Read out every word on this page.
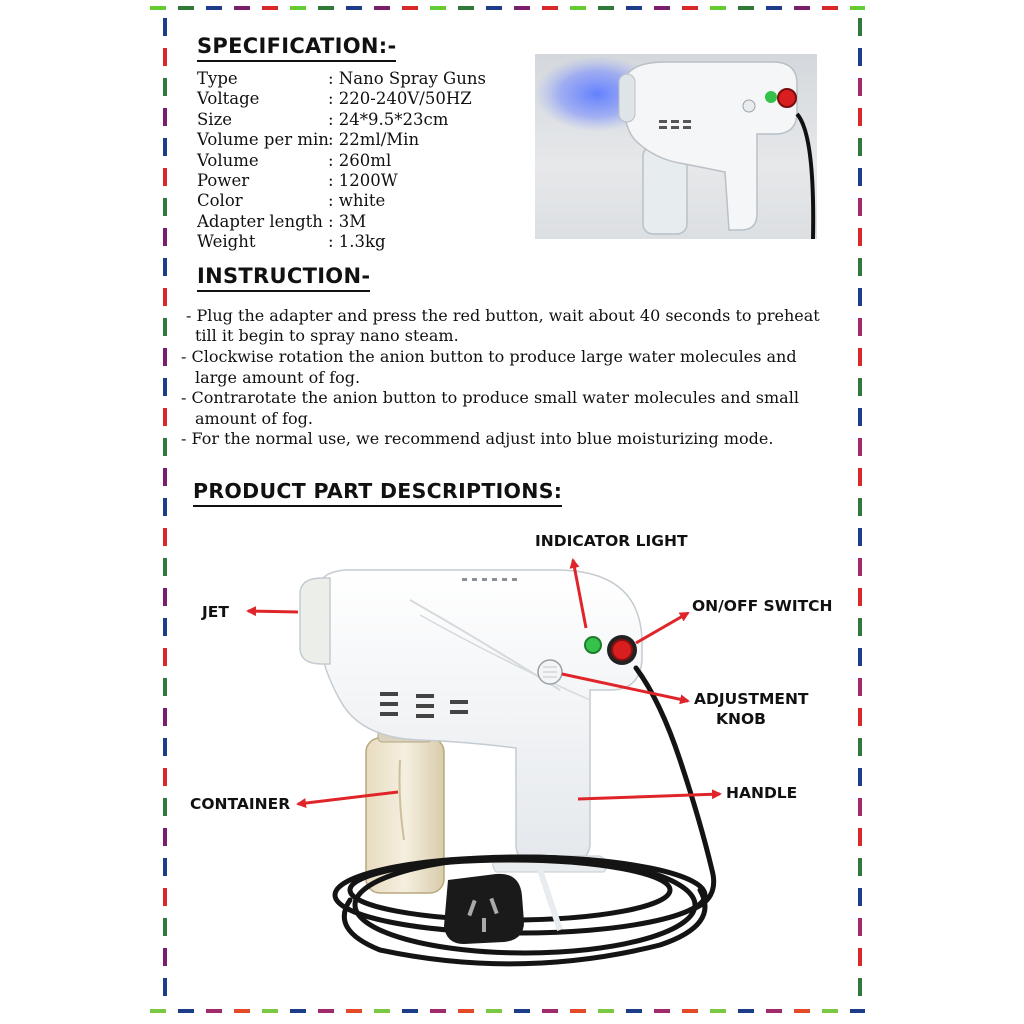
SPECIFICATION:-
Type	: Nano Spray Guns
Voltage	: 220-240V/50HZ
Size	: 24*9.5*23cm
Volume per min : 22ml/Min
Volume	: 260ml
Power	: 1200W
Color	: white
Adapter length : 3M
Weight	: 1.3kg
INSTRUCTION-
- Plug the adapter and press the red button, wait about 40 seconds to preheat
till it begin to spray nano steam.
- Clockwise rotation the anion button to produce large water molecules and
large amount of fog.
- Contrarotate the anion button to produce small water molecules and small
amount of fog.
- For the normal use, we recommend adjust into blue moisturizing mode.
PRODUCT PART DESCRIPTIONS:
INDICATOR LIGHT
JET	ON/OFF SWITCH
ADJUSTMENT
KNOB
CONTAINER
HANDLE
